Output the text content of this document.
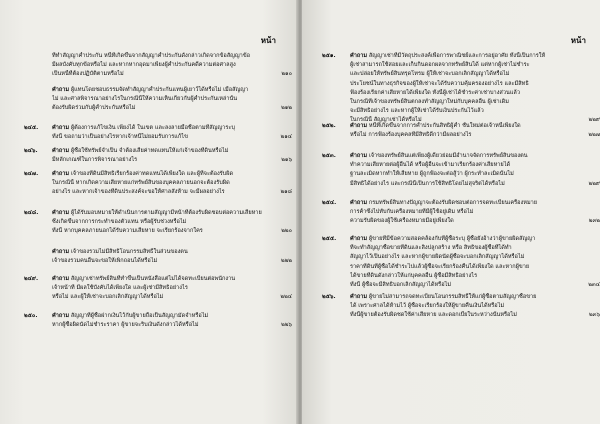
หน้า
ที่ทำสัญญาค้ำประกัน หนี้ที่เกิดขึ้นจากสัญญาค้ำประกันดังกล่าวเกิดจากข้อสัญญาข้อ
มีผลบังคับทุกข้อหรือไม่ และหากหากอุดมาเพียงผู้ค้ำประกันคดีความต่อศาลสูง
เป็นหนี้ที่ต้องปฏิบัติตามหรือไม่	๒๑๐
คำถาม ผู้แทนโดยชอบธรรมจัดทำสัญญาค้ำประกันแทนผู้เยาว์ได้หรือไม่ เมื่อสัญญา
ไม่ และศาลพิจารณาอย่างไรในกรณีนี้ให้ความเห็นเกี่ยวกับผู้ค้ำประกันเหล่านั้น
ต้องรับผิดร่วมกับผู้ค้ำประกันหรือไม่	๒๑๒
๒๔๕. คำถาม ผู้ต้องการแก้ไขเงิน เพียงได้ ในเขต และลงลายมือชื่อตามที่สัญญาระบุ
ทั้งนี้ ขอถามว่าเป็นอย่างไรหากเจ้าหนี้ไม่ยอมรับการแก้ไข	๒๑๔
๒๔๖.	คำถาม ผู้ซื้อใช้ทรัพย์จำเป็น จำต้องเสียค่าทดแทนให้แก่เจ้าของที่ดินหรือไม่
มีหลักเกณฑ์ในการพิจารณาอย่างไร	๒๑๖
๒๔๗. คำถาม เจ้าของที่ดินมีสิทธิเรียกร้องค่าทดแทนได้เพียงใด และผู้ที่จะต้องรับผิด
ในกรณีนี้ หากเกิดความเสียหายแก่ทรัพย์สินของบุคคลภายนอกจะต้องรับผิด
อย่างไร และหากเจ้าของที่ดินประสงค์จะขอให้ศาลสั่งห้าม จะมีผลอย่างไร	๒๑๘
๒๔๘. คำถาม ผู้ได้รับมอบหมายให้ดำเนินการตามสัญญามีหน้าที่ต้องรับผิดชอบต่อความเสียหาย
ซึ่งเกิดขึ้นจากการกระทำของตัวแทน หรือผู้รับช่วงหรือไม่
ทั้งนี้ หากบุคคลภายนอกได้รับความเสียหาย จะเรียกร้องจากใคร	๒๒๐
คำถาม เจ้าของรวมไม่มีสิทธิโอนกรรมสิทธิ์ในส่วนของตน
เจ้าของรวมคนอื่นจะขอให้เพิกถอนได้หรือไม่	๒๒๒
๒๔๙. คำถาม สัญญาเช่าทรัพย์สินที่ทำขึ้นเป็นหนังสือแต่ไม่ได้จดทะเบียนต่อพนักงาน
เจ้าหน้าที่ มีผลใช้บังคับได้เพียงใด และผู้เช่ามีสิทธิอย่างไร
หรือไม่ และผู้ให้เช่าจะบอกเลิกสัญญาได้หรือไม่	๒๒๔
๒๕๐.	คำถาม สัญญาที่ผู้ซื้อฝากเงินไว้กับผู้ขายถือเป็นสัญญามัดจำหรือไม่
หากผู้ซื้อผิดนัดไม่ชำระราคา ผู้ขายจะริบเงินดังกล่าวได้หรือไม่	๒๒๖
หน้า
๒๕๑.	คำถาม สัญญาเช่าที่มีวัตถุประสงค์เพื่อการพาณิชย์และการอยู่อาศัย ทั้งนี้เป็นการให้
ผู้เช่าสามารถใช้สอยและเก็บกินดอกผลจากทรัพย์สินได้ แต่หากผู้เช่าไม่ชำระ
และปล่อยให้ทรัพย์สินทรุดโทรม ผู้ให้เช่าจะบอกเลิกสัญญาได้หรือไม่
ประโยชน์ในทางธุรกิจของผู้ให้เช่าจะได้รับความคุ้มครองอย่างไร และมีสิทธิ
ฟ้องร้องเรียกค่าเสียหายได้เพียงใด ทั้งนี้ผู้เช่าได้ชำระค่าเช่าบางส่วนแล้ว
ในกรณีที่เจ้าของทรัพย์สินตกลงทำสัญญาใหม่กับบุคคลอื่น ผู้เช่าเดิม
จะมีสิทธิอย่างไร และหากผู้ให้เช่าได้รับเงินประกันไว้แล้ว
ในกรณีนี้ สัญญาเช่าได้หรือไม่	๒๒๙
๒๕๒.	คำถาม หนี้ที่เกิดขึ้นจากการค้ำประกันสิทธิผู้ค้ำ ชั้นใหม่ต่อเจ้าหนี้เพียงใด
หรือไม่ การฟ้องร้องบุคคลที่มีสิทธิดีกว่ามีผลอย่างไร	๒๒๗
๒๕๓.	คำถาม เจ้าของทรัพย์สินแต่เพียงผู้เดียวย่อมมีอำนาจจัดการทรัพย์สินของตน
ทำความเสียหายต่อผู้อื่นได้ หรือผู้อื่นจะเข้ามาเรียกร้องค่าเสียหายได้
ฐานละเมิดหากทำให้เสียหาย ผู้ถูกฟ้องจะต่อสู้ว่า ผู้กระทำละเมิดนั้นไม่
มีสิทธิได้อย่างไร และกรณีนี้เป็นการใช้สิทธิโดยไม่สุจริตได้หรือไม่	๒๒๙
๒๕๔. คำถาม กรมทรัพย์สินทางปัญญาจะต้องรับผิดชอบต่อการจดทะเบียนเครื่องหมาย
การค้าซึ่งไปทับกับเครื่องหมายที่มีผู้ใช้อยู่เดิม หรือไม่
ความรับผิดของผู้ใช้เครื่องหมายมีอยู่เพียงใด	๒๓๒
๒๕๕. คำถาม ผู้ขายที่มีข้อความสอดคล้องกับที่ผู้ซื้อระบุ ผู้ซื้อยังอ้างว่าผู้ขายผิดสัญญา
ที่จะทำสัญญาซื้อขายที่ดินและสิ่งปลูกสร้าง หรือ สิทธิของผู้ซื้อที่ได้ทำ
สัญญาไว้เป็นอย่างไร และหากผู้ขายผิดนัดผู้ซื้อจะบอกเลิกสัญญาได้หรือไม่
ราคาที่ดินที่ผู้ซื้อได้ชำระไปแล้วผู้ซื้อจะเรียกร้องคืนได้เพียงใด และหากผู้ขาย
ได้ขายที่ดินดังกล่าวให้แก่บุคคลอื่น ผู้ซื้อมีสิทธิอย่างไร
ทั้งนี้ ผู้ซื้อจะมีสิทธิบอกเลิกสัญญาได้หรือไม่	๒๓๔
๒๕๖.	คำถาม ผู้ขายไม่สามารถจดทะเบียนโอนกรรมสิทธิ์ให้แก่ผู้ซื้อตามสัญญาซื้อขาย
ได้ เพราะศาลได้ห้ามไว้ ผู้ซื้อจะเรียกร้องให้ผู้ขายคืนเงินได้หรือไม่
ทั้งนี้ผู้ขายต้องรับผิดชดใช้ค่าเสียหาย และดอกเบี้ยในระหว่างนั้นหรือไม่	๒๓๖
